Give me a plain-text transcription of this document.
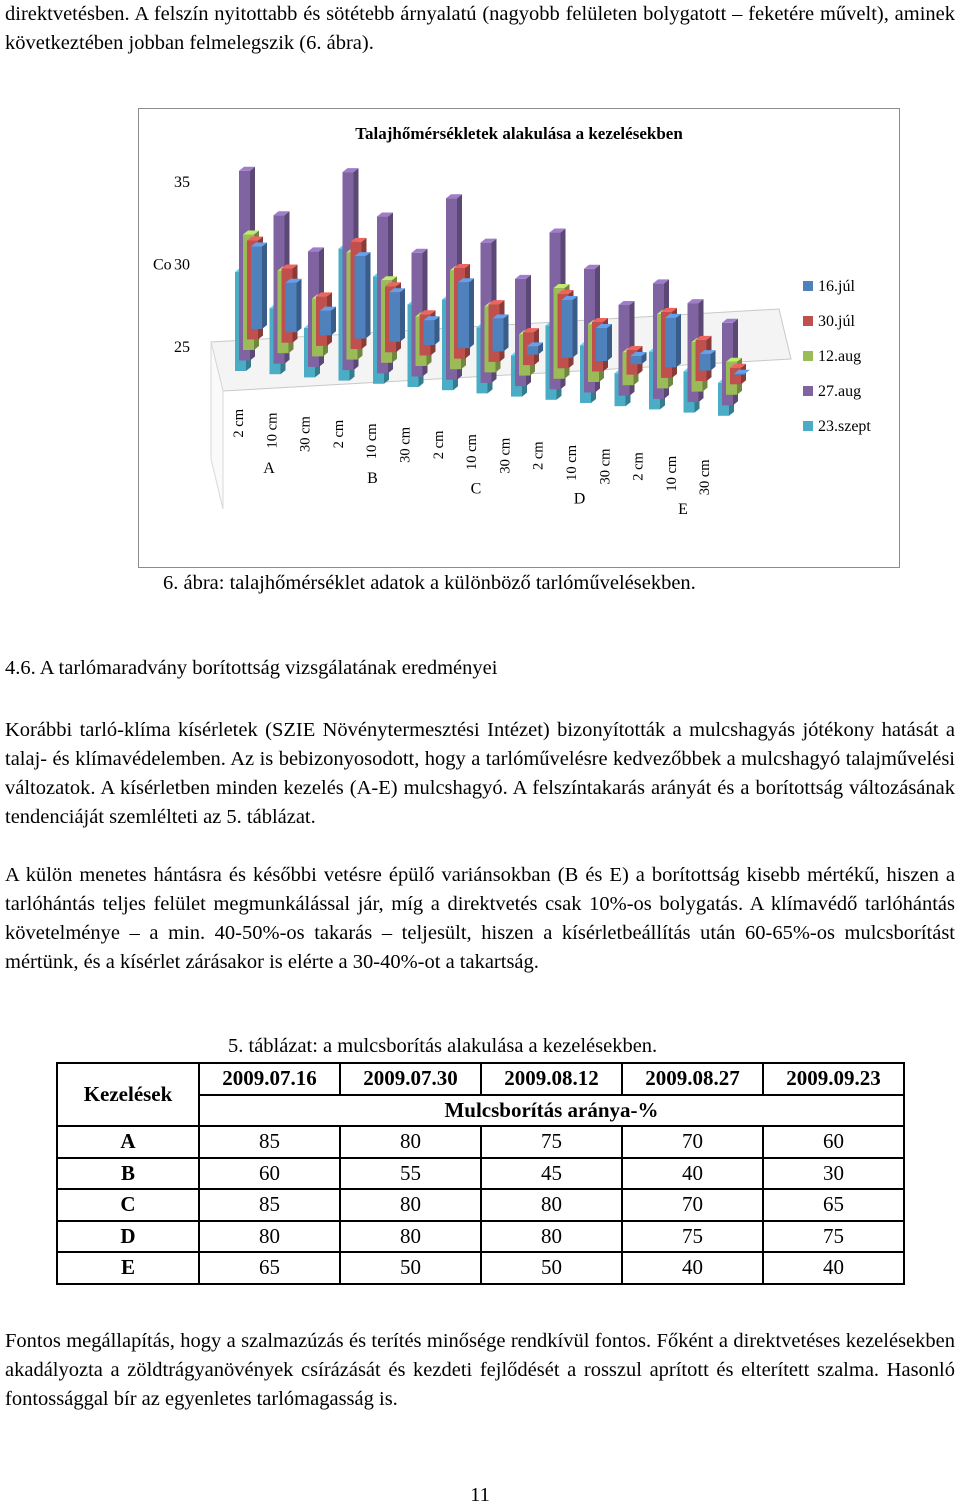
direktvetésben. A felszín nyitottabb és sötétebb árnyalatú (nagyobb felületen bolygatott – feketére művelt), aminek következtében jobban felmelegszik (6. ábra).

Talajhőmérsékletek alakulása a kezelésekben
25
30
35
Co
2 cm 10 cm 30 cm 2 cm 10 cm 30 cm 2 cm 10 cm 30 cm 2 cm 10 cm 30 cm 2 cm 10 cm 30 cm
A
B
C
D
E
16.júl
30.júl
12.aug
27.aug
23.szept
6. ábra: talajhőmérséklet adatok a különböző tarlóművelésekben.
4.6. A tarlómaradvány borítottság vizsgálatának eredményei

Korábbi tarló-klíma kísérletek (SZIE Növénytermesztési Intézet) bizonyították a mulcshagyás jótékony hatását a talaj- és klímavédelemben. Az is bebizonyosodott, hogy a tarlóművelésre kedvezőbbek a mulcshagyó talajművelési változatok. A kísérletben minden kezelés (A-E) mulcshagyó. A felszíntakarás arányát és a borítottság változásának tendenciáját szemlélteti az 5. táblázat.

A külön menetes hántásra és későbbi vetésre épülő variánsokban (B és E) a borítottság kisebb mértékű, hiszen a tarlóhántás teljes felület megmunkálással jár, míg a direktvetés csak 10%-os bolygatás. A klímavédő tarlóhántás követelménye – a min. 40-50%-os takarás – teljesült, hiszen a kísérletbeállítás után 60-65%-os mulcsborítást mértünk, és a kísérlet zárásakor is elérte a 30-40%-ot a takartság.

5. táblázat: a mulcsborítás alakulása a kezelésekben.
Kezelések	2009.07.16	2009.07.30	2009.08.12	2009.08.27	2009.09.23
	Mulcsborítás aránya-%				
A	85	80	75	70	60
B	60	55	45	40	30
C	85	80	80	70	65
D	80	80	80	75	75
E	65	50	50	40	40

Fontos megállapítás, hogy a szalmazúzás és terítés minősége rendkívül fontos. Főként a direktvetéses kezelésekben akadályozta a zöldtrágyanövények csírázását és kezdeti fejlődését a rosszul aprított és elterített szalma. Hasonló fontossággal bír az egyenletes tarlómagasság is.

11
